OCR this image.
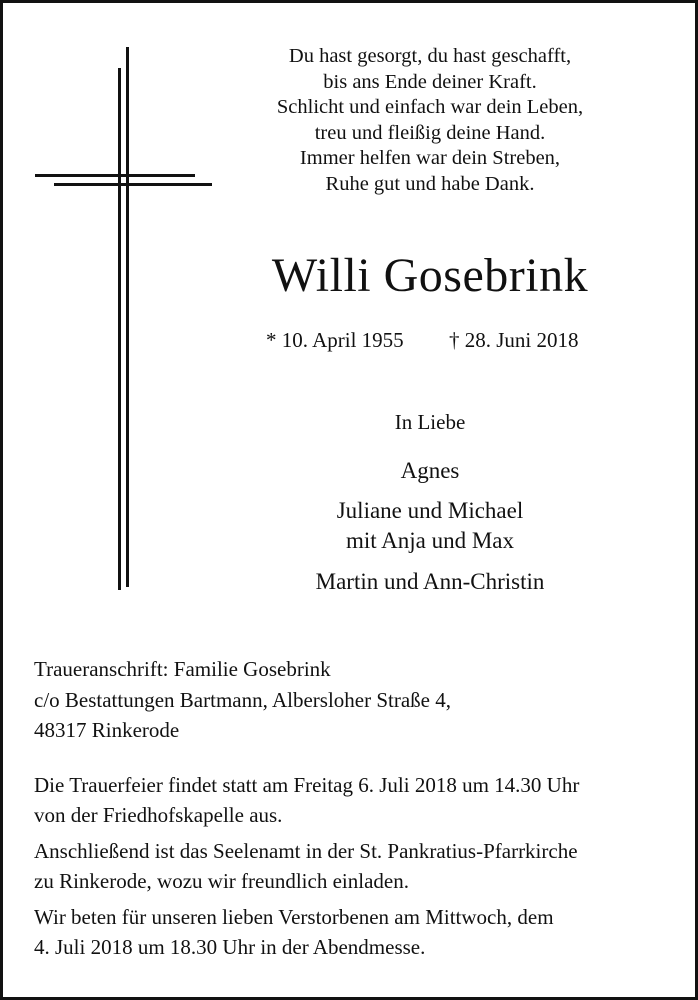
Du hast gesorgt, du hast geschafft,
bis ans Ende deiner Kraft.
Schlicht und einfach war dein Leben,
treu und fleißig deine Hand.
Immer helfen war dein Streben,
Ruhe gut und habe Dank.
Willi Gosebrink
* 10. April 1955 † 28. Juni 2018
In Liebe
Agnes
Juliane und Michael
mit Anja und Max
Martin und Ann-Christin
Traueranschrift: Familie Gosebrink
c/o Bestattungen Bartmann, Albersloher Straße 4,
48317 Rinkerode
Die Trauerfeier findet statt am Freitag 6. Juli 2018 um 14.30 Uhr
von der Friedhofskapelle aus.
Anschließend ist das Seelenamt in der St. Pankratius-Pfarrkirche
zu Rinkerode, wozu wir freundlich einladen.
Wir beten für unseren lieben Verstorbenen am Mittwoch, dem
4. Juli 2018 um 18.30 Uhr in der Abendmesse.
